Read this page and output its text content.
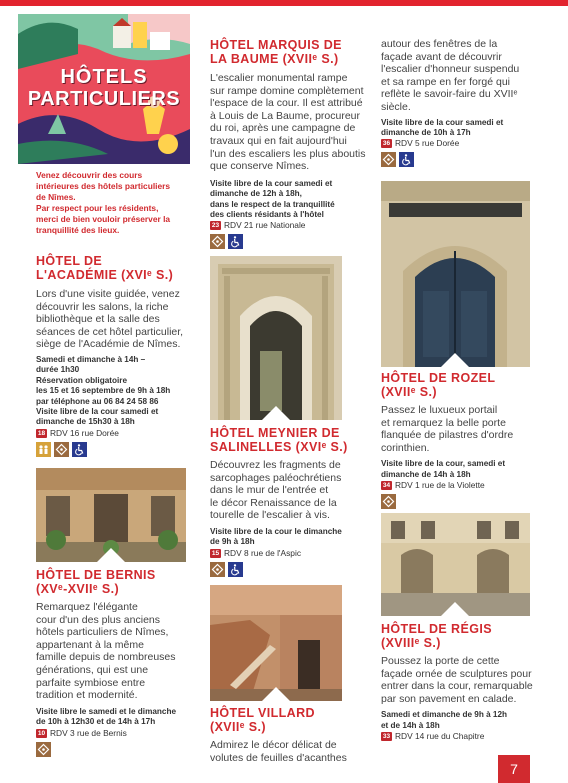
HÔTELS
PARTICULIERS
Venez découvrir des cours
intérieures des hôtels particuliers
de Nîmes.
Par respect pour les résidents,
merci de bien vouloir préserver la
tranquillité des lieux.
HÔTEL DE
L'ACADÉMIE (XVIᵉ S.)
Lors d'une visite guidée, venez
découvrir les salons, la riche
bibliothèque et la salle des
séances de cet hôtel particulier,
siège de l'Académie de Nîmes.
Samedi et dimanche à 14h –
durée 1h30
Réservation obligatoire
les 15 et 16 septembre de 9h à 18h
par téléphone au 06 84 24 58 86
Visite libre de la cour samedi et
dimanche de 15h30 à 18h
18 RDV 16 rue Dorée
HÔTEL DE BERNIS
(XVᵉ-XVIIᵉ S.)
Remarquez l'élégante
cour d'un des plus anciens
hôtels particuliers de Nîmes,
appartenant à la même
famille depuis de nombreuses
générations, qui est une
parfaite symbiose entre
tradition et modernité.
Visite libre le samedi et le dimanche
de 10h à 12h30 et de 14h à 17h
10 RDV 3 rue de Bernis
HÔTEL MARQUIS DE
LA BAUME (XVIIᵉ S.)
L'escalier monumental rampe
sur rampe domine complètement
l'espace de la cour. Il est attribué
à Louis de La Baume, procureur
du roi, après une campagne de
travaux qui en fait aujourd'hui
l'un des escaliers les plus aboutis
que conserve Nîmes.
Visite libre de la cour samedi et
dimanche de 12h à 18h,
dans le respect de la tranquillité
des clients résidants à l'hôtel
23 RDV 21 rue Nationale
HÔTEL MEYNIER DE
SALINELLES (XVIᵉ S.)
Découvrez les fragments de
sarcophages paléochrétiens
dans le mur de l'entrée et
le décor Renaissance de la
tourelle de l'escalier à vis.
Visite libre de la cour le dimanche
de 9h à 18h
15 RDV 8 rue de l'Aspic
HÔTEL VILLARD
(XVIIᵉ S.)
Admirez le décor délicat de
volutes de feuilles d'acanthes
autour des fenêtres de la
façade avant de découvrir
l'escalier d'honneur suspendu
et sa rampe en fer forgé qui
reflète le savoir-faire du XVIIᵉ
siècle.
Visite libre de la cour samedi et
dimanche de 10h à 17h
36 RDV 5 rue Dorée
HÔTEL DE ROZEL
(XVIIᵉ S.)
Passez le luxueux portail
et remarquez la belle porte
flanquée de pilastres d'ordre
corinthien.
Visite libre de la cour, samedi et
dimanche de 14h à 18h
34 RDV 1 rue de la Violette
HÔTEL DE RÉGIS
(XVIIIᵉ S.)
Poussez la porte de cette
façade ornée de sculptures pour
entrer dans la cour, remarquable
par son pavement en calade.
Samedi et dimanche de 9h à 12h
et de 14h à 18h
33 RDV 14 rue du Chapitre
7
